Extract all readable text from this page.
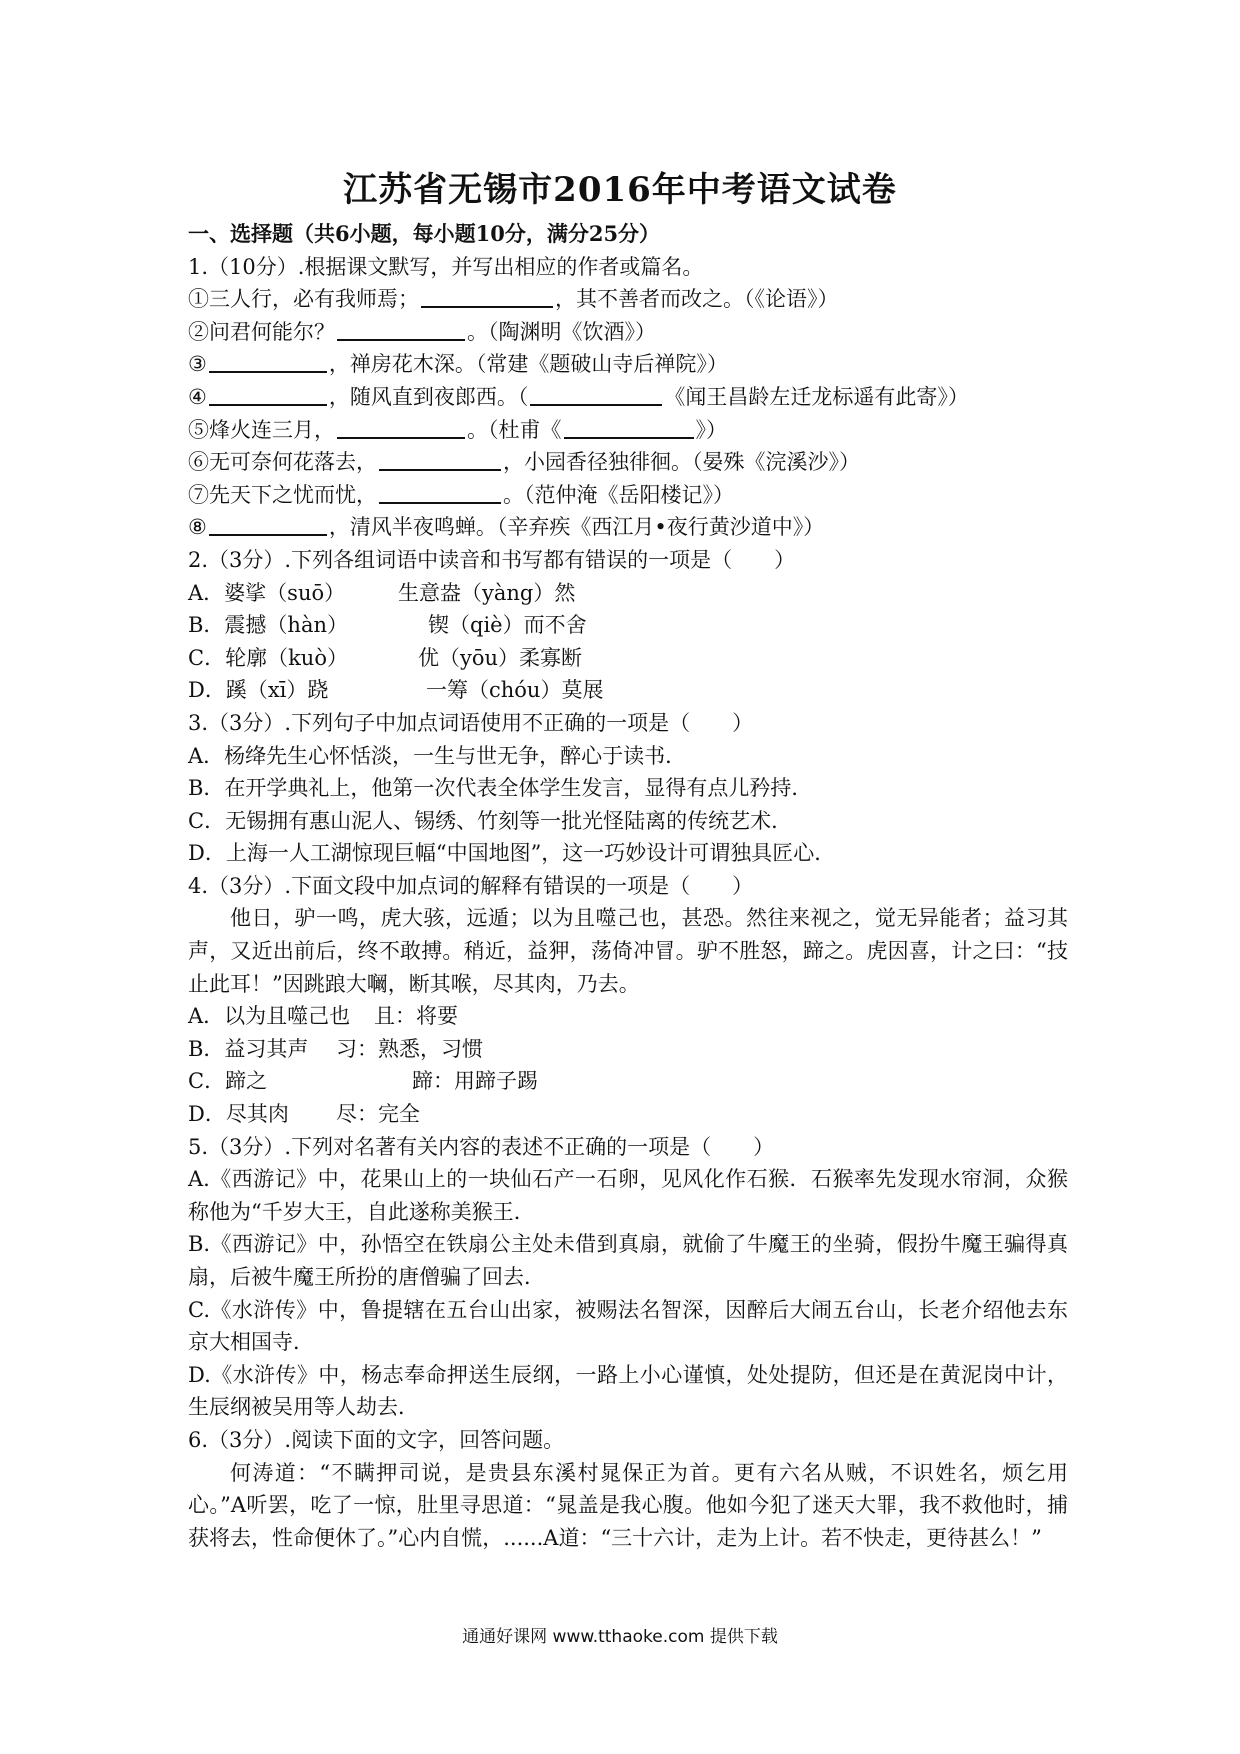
江苏省无锡市2016年中考语文试卷
一、选择题（共6小题，每小题10分，满分25分）
1.（10分）.根据课文默写，并写出相应的作者或篇名。
①三人行，必有我师焉；	，其不善者而改之。（《论语》）
②问君何能尔？	。（陶渊明《饮酒》）
③	，禅房花木深。（常建《题破山寺后禅院》）
④	，随风直到夜郎西。（	《闻王昌龄左迁龙标遥有此寄》）
⑤烽火连三月，	。（杜甫《	》）
⑥无可奈何花落去，	，小园香径独徘徊。（晏殊《浣溪沙》）
⑦先天下之忧而忧，	。（范仲淹《岳阳楼记》）
⑧	，清风半夜鸣蝉。（辛弃疾《西江月•夜行黄沙道中》）
2.（3分）.下列各组词语中读音和书写都有错误的一项是（　　）
A．婆挲（suō）	生意盎（yàng）然
B．震撼（hàn）	锲（qiè）而不舍
C．轮廓（kuò）	优（yōu）柔寡断
D．蹊（xī）跷	一筹（chóu）莫展
3.（3分）.下列句子中加点词语使用不正确的一项是（　　）
A．杨绛先生心怀恬淡，一生与世无争，醉心于读书．
B．在开学典礼上，他第一次代表全体学生发言，显得有点儿矜持．
C．无锡拥有惠山泥人、锡绣、竹刻等一批光怪陆离的传统艺术．
D．上海一人工湖惊现巨幅“中国地图”，这一巧妙设计可谓独具匠心．
4.（3分）.下面文段中加点词的解释有错误的一项是（　　）
他日，驴一鸣，虎大骇，远遁；以为且噬己也，甚恐。然往来视之，觉无异能者；益习其声，又近出前后，终不敢搏。稍近，益狎，荡倚冲冒。驴不胜怒，蹄之。虎因喜，计之曰：“技止此耳！”因跳踉大㘎，断其喉，尽其肉，乃去。
A．以为且噬己也 且：将要
B．益习其声 习：熟悉，习惯
C．蹄之	蹄：用蹄子踢
D．尽其肉 尽：完全
5.（3分）.下列对名著有关内容的表述不正确的一项是（　　）
A.《西游记》中，花果山上的一块仙石产一石卵，见风化作石猴．石猴率先发现水帘洞，众猴称他为“千岁大王，自此遂称美猴王．
B.《西游记》中，孙悟空在铁扇公主处未借到真扇，就偷了牛魔王的坐骑，假扮牛魔王骗得真扇，后被牛魔王所扮的唐僧骗了回去．
C.《水浒传》中，鲁提辖在五台山出家，被赐法名智深，因醉后大闹五台山，长老介绍他去东京大相国寺．
D.《水浒传》中，杨志奉命押送生辰纲，一路上小心谨慎，处处提防，但还是在黄泥岗中计，生辰纲被吴用等人劫去．
6.（3分）.阅读下面的文字，回答问题。
何涛道：“不瞒押司说，是贵县东溪村晁保正为首。更有六名从贼，不识姓名，烦乞用心。”A听罢，吃了一惊，肚里寻思道：“晁盖是我心腹。他如今犯了迷天大罪，我不救他时，捕获将去，性命便休了。”心内自慌，......A道：“三十六计，走为上计。若不快走，更待甚么！”
通通好课网 www.tthaoke.com 提供下载
